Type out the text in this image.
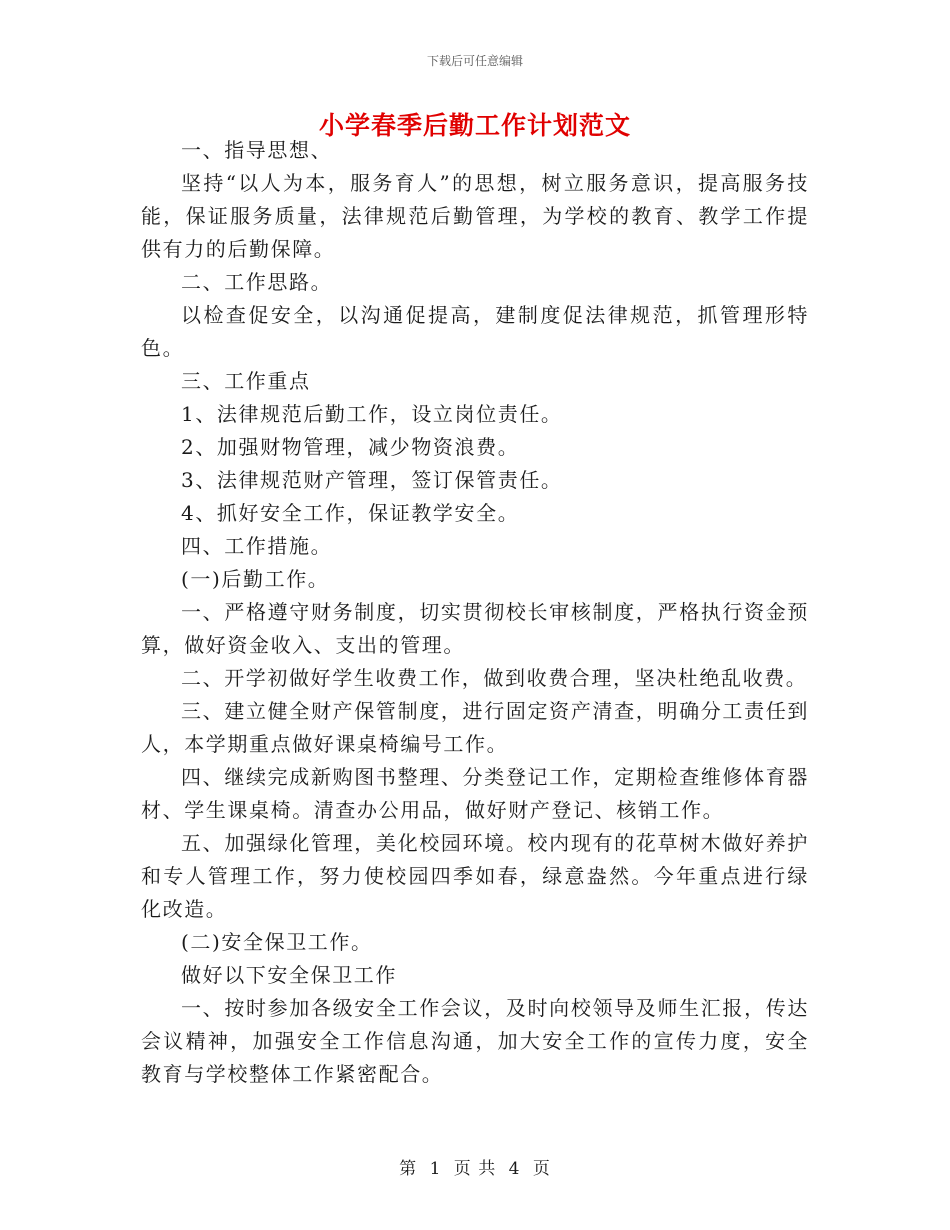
下载后可任意编辑
小学春季后勤工作计划范文

一、指导思想、

坚持“以人为本，服务育人”的思想，树立服务意识，提高服务技能，保证服务质量，法律规范后勤管理，为学校的教育、教学工作提供有力的后勤保障。

二、工作思路。

以检查促安全，以沟通促提高，建制度促法律规范，抓管理形特色。

三、工作重点

1、法律规范后勤工作，设立岗位责任。

2、加强财物管理，减少物资浪费。

3、法律规范财产管理，签订保管责任。

4、抓好安全工作，保证教学安全。

四、工作措施。

(一)后勤工作。

一、严格遵守财务制度，切实贯彻校长审核制度，严格执行资金预算，做好资金收入、支出的管理。

二、开学初做好学生收费工作，做到收费合理，坚决杜绝乱收费。

三、建立健全财产保管制度，进行固定资产清查，明确分工责任到人，本学期重点做好课桌椅编号工作。

四、继续完成新购图书整理、分类登记工作，定期检查维修体育器材、学生课桌椅。清查办公用品，做好财产登记、核销工作。

五、加强绿化管理，美化校园环境。校内现有的花草树木做好养护和专人管理工作，努力使校园四季如春，绿意盎然。今年重点进行绿化改造。

(二)安全保卫工作。

做好以下安全保卫工作

一、按时参加各级安全工作会议，及时向校领导及师生汇报，传达会议精神，加强安全工作信息沟通，加大安全工作的宣传力度，安全教育与学校整体工作紧密配合。

第 1 页 共 4 页
